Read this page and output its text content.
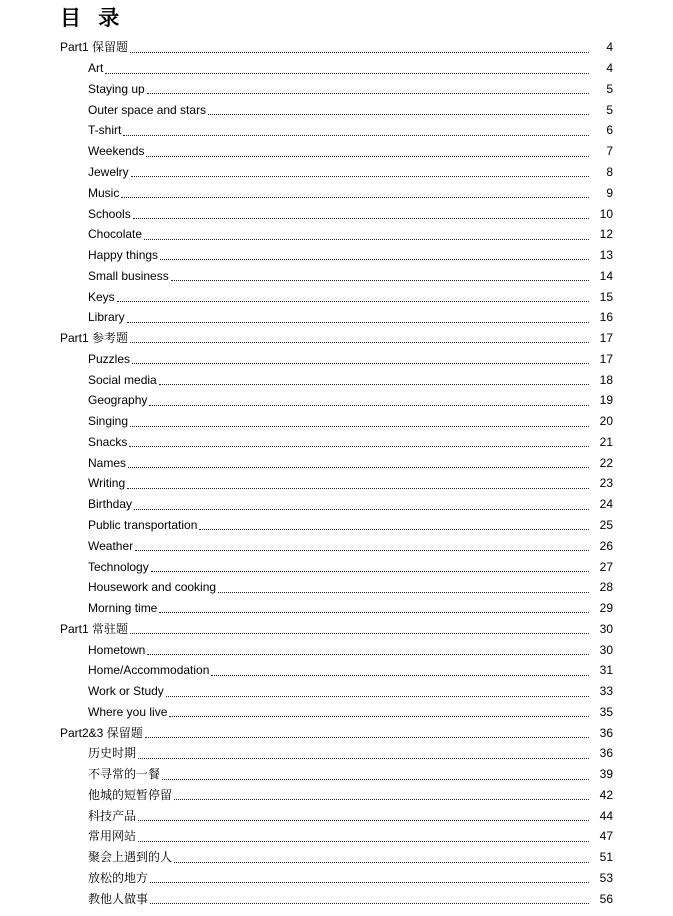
目 录
Part1 保留题	4
Art	4
Staying up	5
Outer space and stars	5
T-shirt	6
Weekends	7
Jewelry	8
Music	9
Schools	10
Chocolate	12
Happy things	13
Small business	14
Keys	15
Library	16
Part1 参考题	17
Puzzles	17
Social media	18
Geography	19
Singing	20
Snacks	21
Names	22
Writing	23
Birthday	24
Public transportation	25
Weather	26
Technology	27
Housework and cooking	28
Morning time	29
Part1 常驻题	30
Hometown	30
Home/Accommodation	31
Work or Study	33
Where you live	35
Part2&3 保留题	36
历史时期	36
不寻常的一餐	39
他城的短暂停留	42
科技产品	44
常用网站	47
聚会上遇到的人	51
放松的地方	53
教他人做事	56
